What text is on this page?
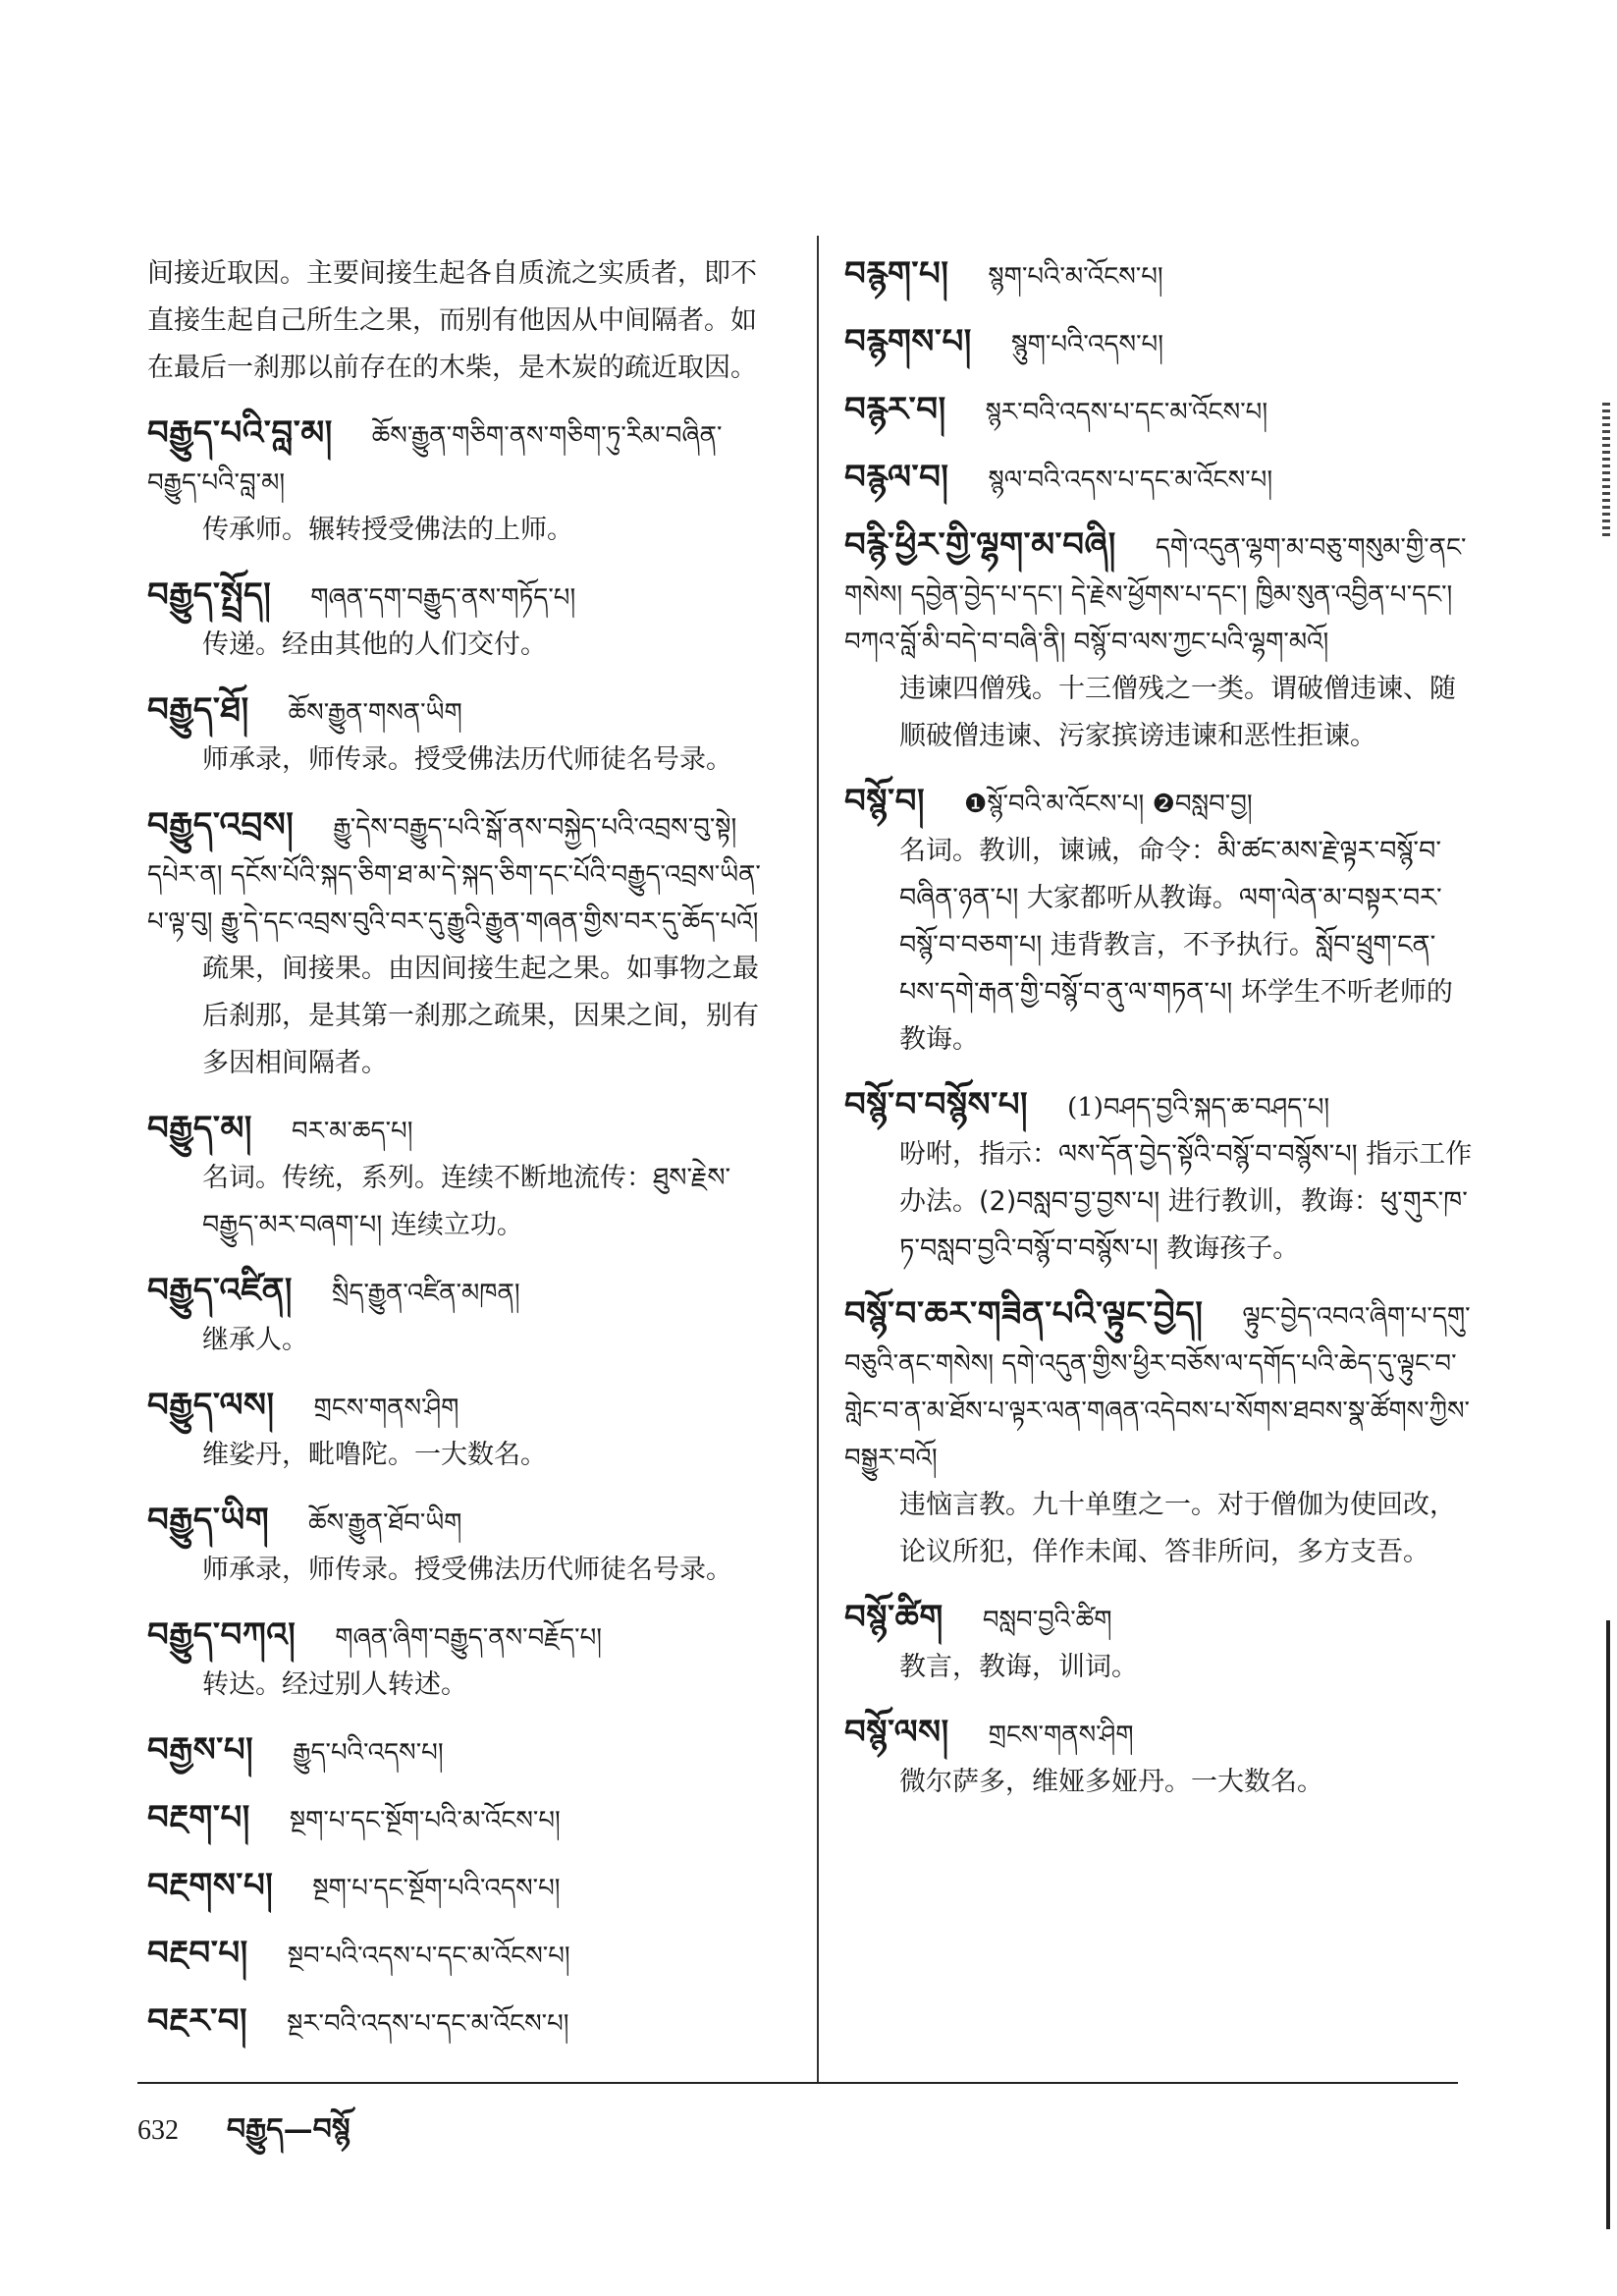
间接近取因。主要间接生起各自质流之实质者，即不直接生起自己所生之果，而别有他因从中间隔者。如在最后一刹那以前存在的木柴，是木炭的疏近取因。
བརྒྱུད་པའི་བླ་མ། ཆོས་རྒྱུན་གཅིག་ནས་གཅིག་ཏུ་རིམ་བཞིན་བརྒྱུད་པའི་བླ་མ།
传承师。辗转授受佛法的上师。
བརྒྱུད་སྤྲོད། གཞན་དག་བརྒྱུད་ནས་གཏོད་པ།
传递。经由其他的人们交付。
བརྒྱུད་ཐོ། ཆོས་རྒྱུན་གསན་ཡིག
师承录，师传录。授受佛法历代师徒名号录。
བརྒྱུད་འབྲས། རྒྱུ་དེས་བརྒྱུད་པའི་སྒོ་ནས་བསྐྱེད་པའི་འབྲས་བུ་སྟེ། དཔེར་ན། དངོས་པོའི་སྐད་ཅིག་ཐ་མ་དེ་སྐད་ཅིག་དང་པོའི་བརྒྱུད་འབྲས་ཡིན་པ་ལྟ་བུ། རྒྱུ་དེ་དང་འབྲས་བུའི་བར་དུ་རྒྱུའི་རྒྱུན་གཞན་གྱིས་བར་དུ་ཆོད་པའོ།
疏果，间接果。由因间接生起之果。如事物之最后刹那，是其第一刹那之疏果，因果之间，别有多因相间隔者。
བརྒྱུད་མ། བར་མ་ཆད་པ།
名词。传统，系列。连续不断地流传：ཐུས་རྗེས་བརྒྱུད་མར་བཞག་པ། 连续立功。
བརྒྱུད་འཛིན། སྲིད་རྒྱུན་འཛིན་མཁན།
继承人。
བརྒྱུད་ལས། གྲངས་གནས་ཤིག
维娑丹，毗噜陀。一大数名。
བརྒྱུད་ཡིག ཆོས་རྒྱུན་ཐོབ་ཡིག
师承录，师传录。授受佛法历代师徒名号录。
བརྒྱུད་བཀའ། གཞན་ཞིག་བརྒྱུད་ནས་བརྗོད་པ།
转达。经过别人转述。
བརྒྱས་པ། རྒྱུད་པའི་འདས་པ།
བརྔག་པ། སྔག་པ་དང་སྔོག་པའི་མ་འོངས་པ།
བརྔགས་པ། སྔག་པ་དང་སྔོག་པའི་འདས་པ།
བརྔབ་པ། སྔབ་པའི་འདས་པ་དང་མ་འོངས་པ།
བརྔར་བ། སྔར་བའི་འདས་པ་དང་མ་འོངས་པ།
བརྙག་པ། སྙག་པའི་མ་འོངས་པ།
བརྙགས་པ། སྙུག་པའི་འདས་པ།
བརྙར་བ། སྙར་བའི་འདས་པ་དང་མ་འོངས་པ།
བརྙལ་བ། སྙལ་བའི་འདས་པ་དང་མ་འོངས་པ།
བརྙི་ཕྱིར་གྱི་ལྷག་མ་བཞི། དགེ་འདུན་ལྷག་མ་བཅུ་གསུམ་གྱི་ནང་གསེས། དབྱེན་བྱེད་པ་དང་། དེ་རྗེས་ཕྱོགས་པ་དང་། ཁྱིམ་སུན་འབྱིན་པ་དང་། བཀའ་བློ་མི་བདེ་བ་བཞི་ནི། བསྙོ་བ་ལས་ཀྱང་པའི་ལྷག་མའོ།
违谏四僧残。十三僧残之一类。谓破僧违谏、随顺破僧违谏、污家摈谤违谏和恶性拒谏。
བསྙོ་བ། ❶སྙོ་བའི་མ་འོངས་པ། ❷བསླབ་བྱ།
名词。教训，谏诫，命令：མི་ཚང་མས་རྗེ་ལྟར་བསྙོ་བ་བཞིན་ཉན་པ། 大家都听从教诲。ལག་ལེན་མ་བསྟར་བར་བསྙོ་བ་བཅག་པ། 违背教言，不予执行。སློབ་ཕྲུག་ངན་པས་དགེ་རྒན་གྱི་བསྙོ་བ་ནུ་ལ་གཏན་པ། 坏学生不听老师的教诲。
བསྙོ་བ་བསྙོས་པ། (1)བཤད་བྱའི་སྐད་ཆ་བཤད་པ།
吩咐，指示：ལས་དོན་བྱེད་སྟོའི་བསྙོ་བ་བསྙོས་པ། 指示工作办法。(2)བསླབ་བྱ་བྱས་པ། 进行教训，教诲：ཕུ་གུར་ཁ་ཏ་བསླབ་བྱའི་བསྙོ་བ་བསྙོས་པ། 教诲孩子。
བསྙོ་བ་ཆར་གཟིན་པའི་ལྟུང་བྱེད། ལྟུང་བྱེད་འབའ་ཞིག་པ་དགུ་བཅུའི་ནང་གསེས། དགེ་འདུན་གྱིས་ཕྱིར་བཅོས་ལ་དགོད་པའི་ཆེད་དུ་ལྟུང་བ་གླེང་བ་ན་མ་ཐོས་པ་ལྟར་ལན་གཞན་འདེབས་པ་སོགས་ཐབས་སྣ་ཚོགས་ཀྱིས་བསྒྱུར་བའོ།
违恼言教。九十单堕之一。对于僧伽为使回改，论议所犯，佯作未闻、答非所问，多方支吾。
བསྙོ་ཚིག བསླབ་བྱའི་ཚིག
教言，教诲，训词。
བསྙོ་ལས། གྲངས་གནས་ཤིག
微尔萨多，维娅多娅丹。一大数名。
632 བརྒྱུད—བསྙོ
